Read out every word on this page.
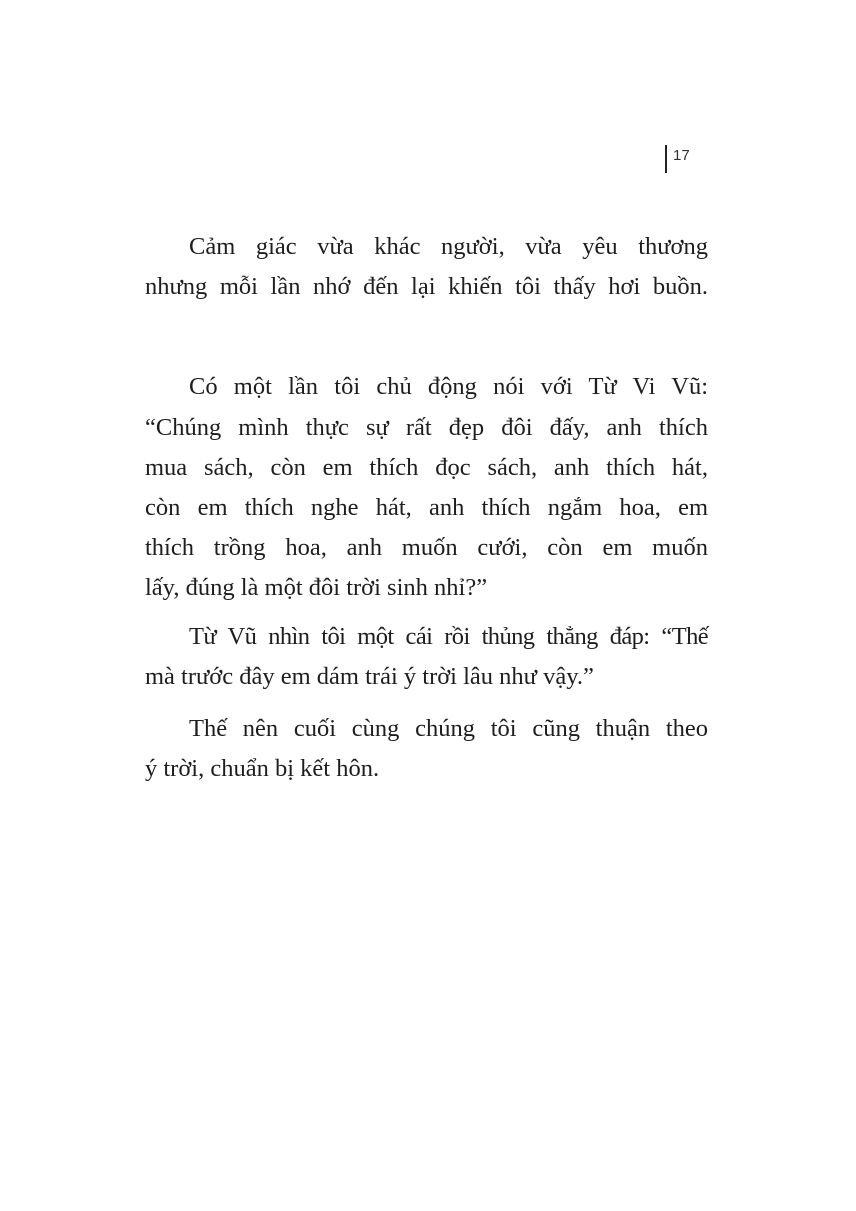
17
Cảm giác vừa khác người, vừa yêu thương
nhưng mỗi lần nhớ đến lại khiến tôi thấy hơi buồn.
Có một lần tôi chủ động nói với Từ Vi Vũ:
“Chúng mình thực sự rất đẹp đôi đấy, anh thích
mua sách, còn em thích đọc sách, anh thích hát,
còn em thích nghe hát, anh thích ngắm hoa, em
thích trồng hoa, anh muốn cưới, còn em muốn
lấy, đúng là một đôi trời sinh nhỉ?”
Từ Vũ nhìn tôi một cái rồi thủng thẳng đáp: “Thế
mà trước đây em dám trái ý trời lâu như vậy.”
Thế nên cuối cùng chúng tôi cũng thuận theo
ý trời, chuẩn bị kết hôn.
